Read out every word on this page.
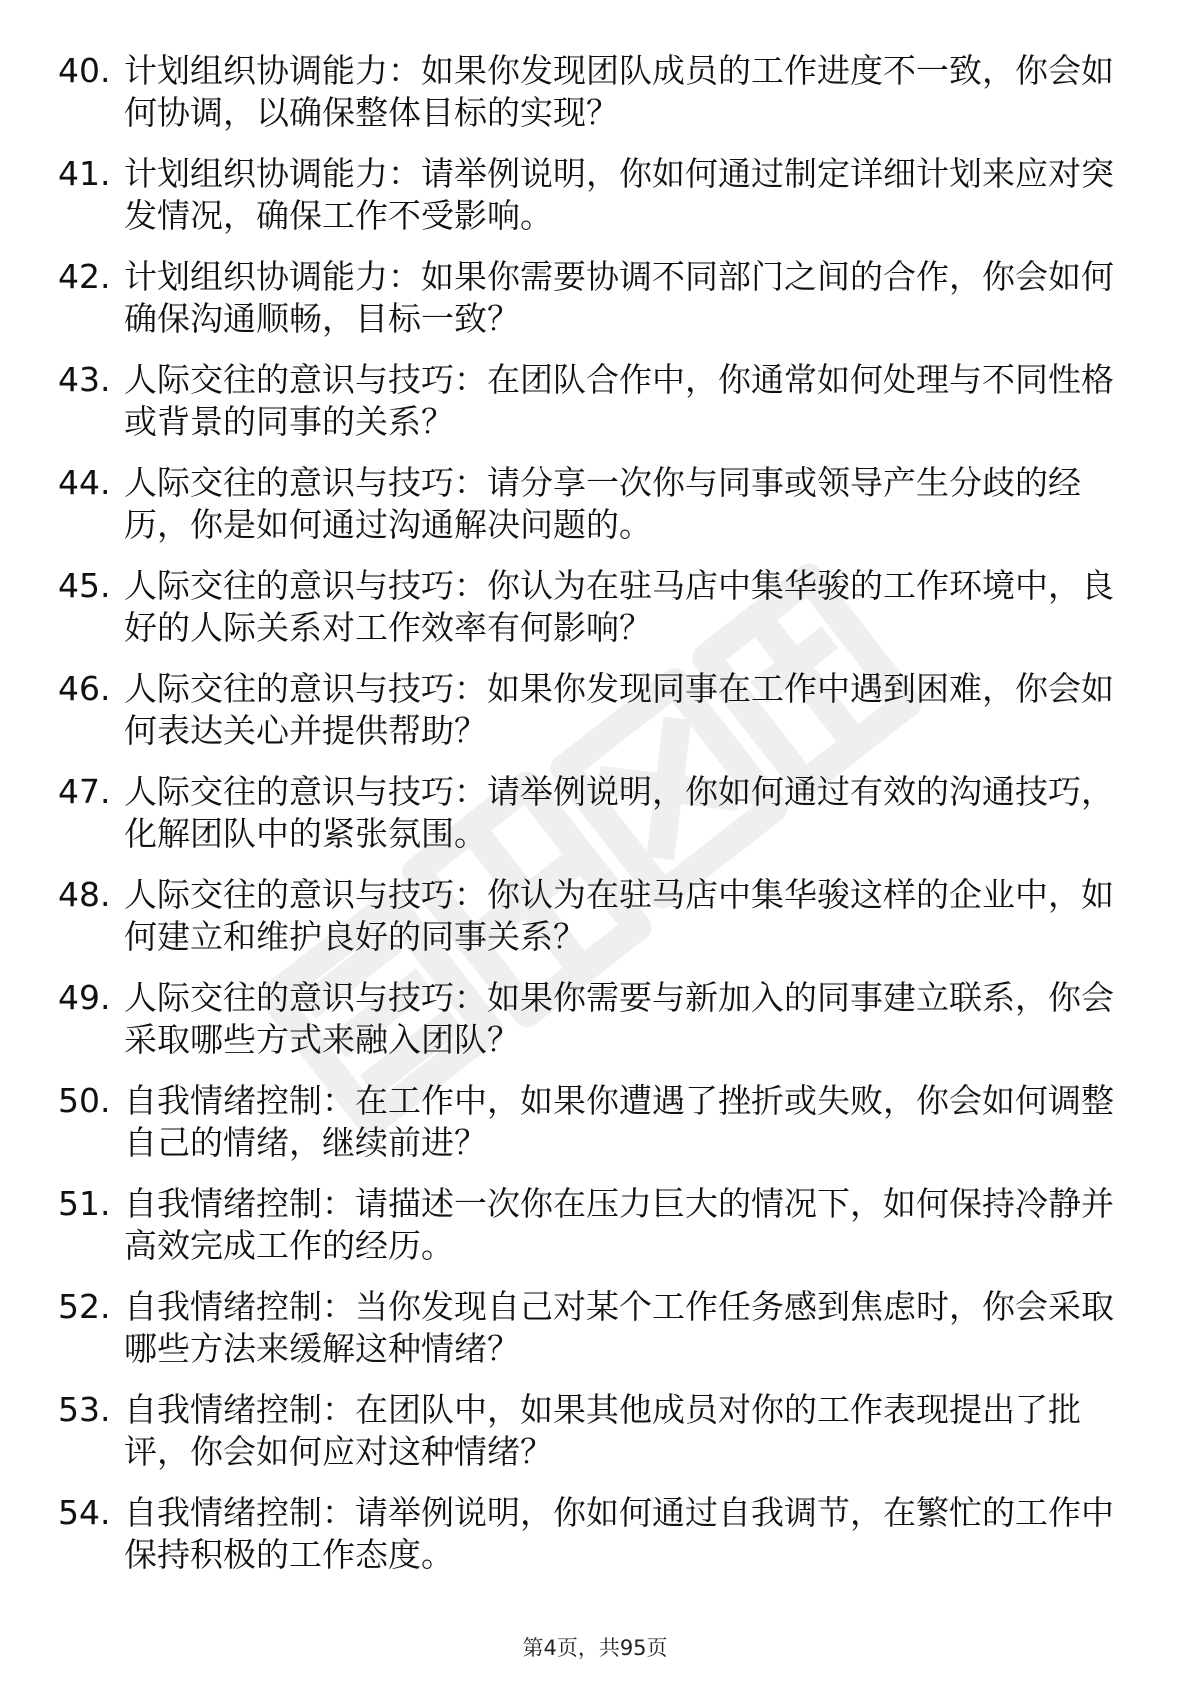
40. 计划组织协调能力：如果你发现团队成员的工作进度不一致，你会如何协调，以确保整体目标的实现？
41. 计划组织协调能力：请举例说明，你如何通过制定详细计划来应对突发情况，确保工作不受影响。
42. 计划组织协调能力：如果你需要协调不同部门之间的合作，你会如何确保沟通顺畅，目标一致？
43. 人际交往的意识与技巧：在团队合作中，你通常如何处理与不同性格或背景的同事的关系？
44. 人际交往的意识与技巧：请分享一次你与同事或领导产生分歧的经历，你是如何通过沟通解决问题的。
45. 人际交往的意识与技巧：你认为在驻马店中集华骏的工作环境中，良好的人际关系对工作效率有何影响？
46. 人际交往的意识与技巧：如果你发现同事在工作中遇到困难，你会如何表达关心并提供帮助？
47. 人际交往的意识与技巧：请举例说明，你如何通过有效的沟通技巧，化解团队中的紧张氛围。
48. 人际交往的意识与技巧：你认为在驻马店中集华骏这样的企业中，如何建立和维护良好的同事关系？
49. 人际交往的意识与技巧：如果你需要与新加入的同事建立联系，你会采取哪些方式来融入团队？
50. 自我情绪控制：在工作中，如果你遭遇了挫折或失败，你会如何调整自己的情绪，继续前进？
51. 自我情绪控制：请描述一次你在压力巨大的情况下，如何保持冷静并高效完成工作的经历。
52. 自我情绪控制：当你发现自己对某个工作任务感到焦虑时，你会采取哪些方法来缓解这种情绪？
53. 自我情绪控制：在团队中，如果其他成员对你的工作表现提出了批评，你会如何应对这种情绪？
54. 自我情绪控制：请举例说明，你如何通过自我调节，在繁忙的工作中保持积极的工作态度。
第4页，共95页
